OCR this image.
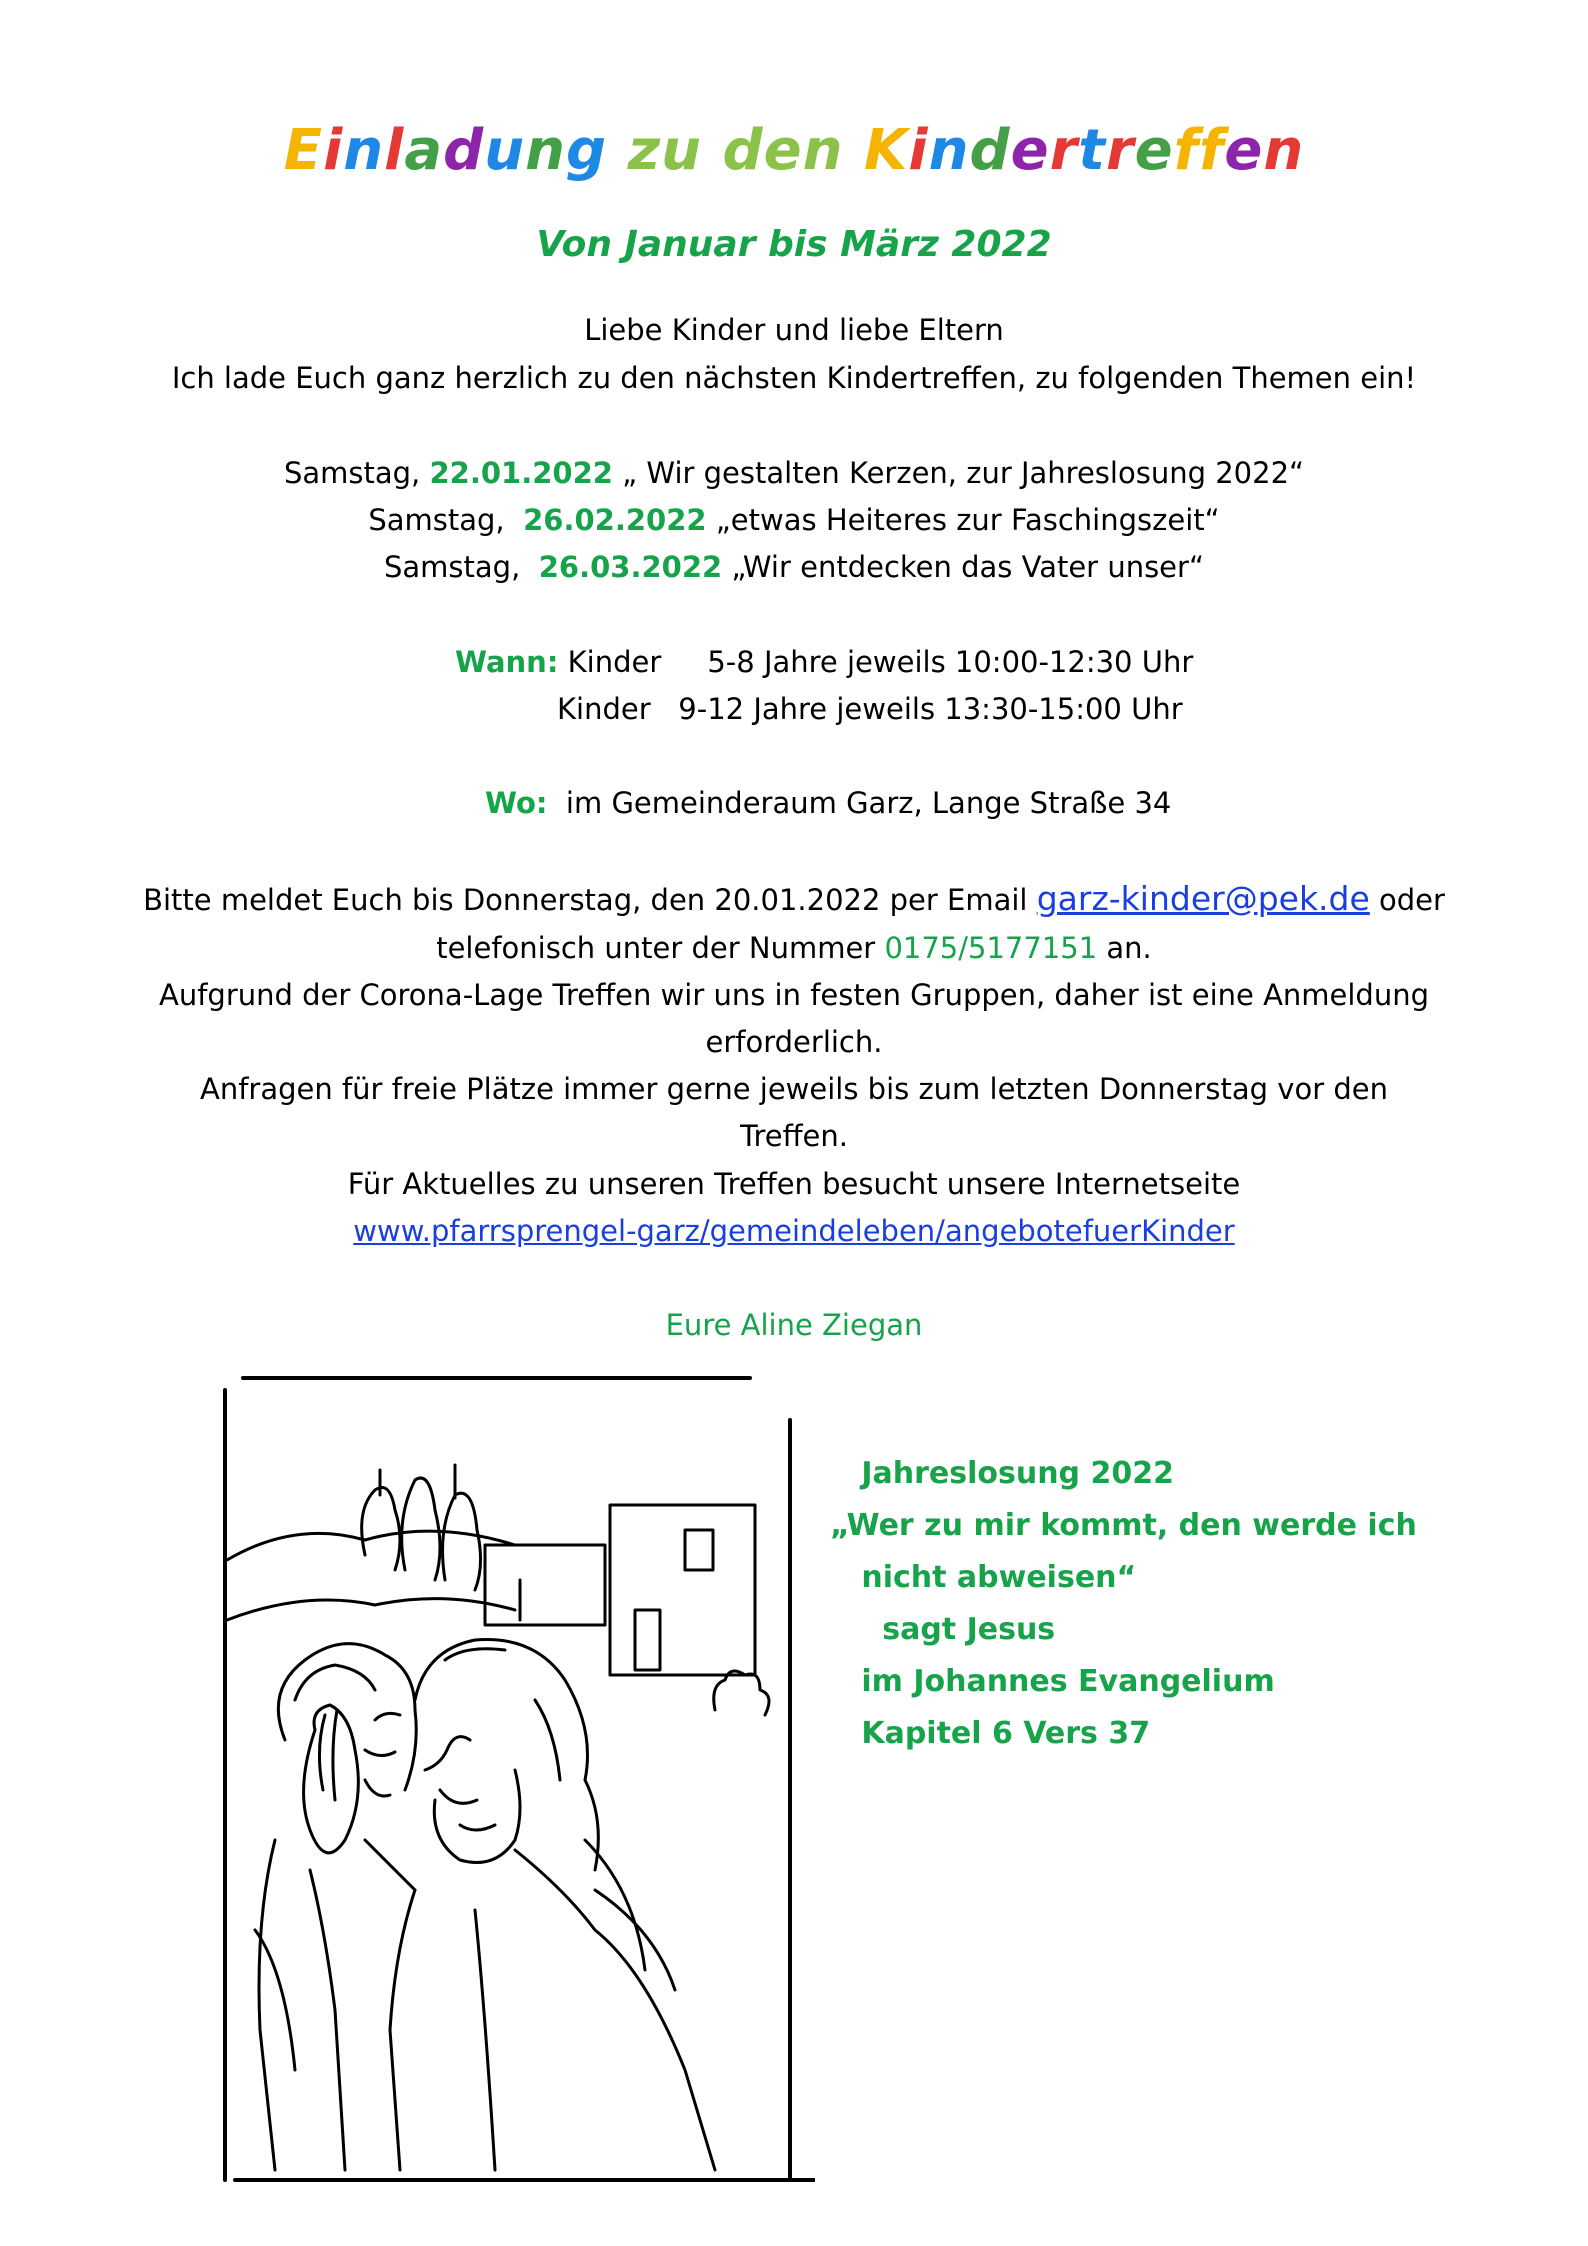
Einladung zu den Kindertreffen
Von Januar bis März 2022
Liebe Kinder und liebe Eltern
Ich lade Euch ganz herzlich zu den nächsten Kindertreffen, zu folgenden Themen ein!
Samstag, 22.01.2022 „ Wir gestalten Kerzen, zur Jahreslosung 2022“
Samstag,  26.02.2022 „etwas Heiteres zur Faschingszeit“
Samstag,  26.03.2022 „Wir entdecken das Vater unser“
Wann: Kinder     5-8 Jahre jeweils 10:00-12:30 Uhr
Kinder   9-12 Jahre jeweils 13:30-15:00 Uhr
Wo:  im Gemeinderaum Garz, Lange Straße 34
Bitte meldet Euch bis Donnerstag, den 20.01.2022 per Email garz-kinder@pek.de oder
telefonisch unter der Nummer 0175/5177151 an.
Aufgrund der Corona-Lage Treffen wir uns in festen Gruppen, daher ist eine Anmeldung
erforderlich.
Anfragen für freie Plätze immer gerne jeweils bis zum letzten Donnerstag vor den
Treffen.
Für Aktuelles zu unseren Treffen besucht unsere Internetseite
www.pfarrsprengel-garz/gemeindeleben/angebotefuerKinder
Eure Aline Ziegan
Jahreslosung 2022
„Wer zu mir kommt, den werde ich
nicht abweisen“
sagt Jesus
im Johannes Evangelium
Kapitel 6 Vers 37
